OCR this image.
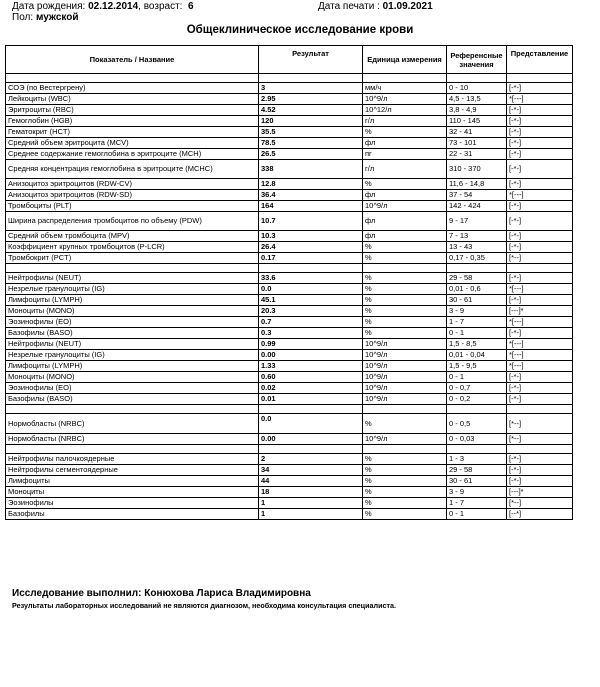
Дата рождения: 02.12.2014, возраст: 6	Дата печати : 01.09.2021
Пол: мужской
Общеклиническое исследование крови
Показатель / Название	Результат	Единица измерения	Референсные значения	Представление

СОЭ (по Вестергрену)	3	мм/ч	0 - 10	[-*-]
Лейкоциты (WBC)	2.95	10^9/л	4,5 - 13,5	*[---]
Эритроциты (RBC)	4.52	10^12/л	3,8 - 4,9	[-*-]
Гемоглобин (HGB)	120	г/л	110 - 145	[-*-]
Гематокрит (HCT)	35.5	%	32 - 41	[-*-]
Средний объем эритроцита (MCV)	78.5	фл	73 - 101	[-*-]
Среднее содержание гемоглобина в эритроците (MCH)	26.5	пг	22 - 31	[-*-]
Средняя концентрация гемоглобина в эритроците (MCHC)	338	г/л	310 - 370	[-*-]
Анизоцитоз эритроцитов (RDW-CV)	12.8	%	11,6 - 14,8	[-*-]
Анизоцитоз эритроцитов (RDW-SD)	36.4	фл	37 - 54	*[---]
Тромбоциты (PLT)	164	10^9/л	142 - 424	[-*-]
Ширина распределения тромбоцитов по объему (PDW)	10.7	фл	9 - 17	[-*-]
Средний объем тромбоцита (MPV)	10.3	фл	7 - 13	[-*-]
Коэффициент крупных тромбоцитов (P-LCR)	26.4	%	13 - 43	[-*-]
Тромбокрит (PCT)	0.17	%	0,17 - 0,35	[*--]

Нейтрофилы (NEUT)	33.6	%	29 - 58	[-*-]
Незрелые гранулоциты (IG)	0.0	%	0,01 - 0,6	*[---]
Лимфоциты (LYMPH)	45.1	%	30 - 61	[-*-]
Моноциты (MONO)	20.3	%	3 - 9	[---]*
Эозинофилы (EO)	0.7	%	1 - 7	*[---]
Базофилы (BASO)	0.3	%	0 - 1	[-*-]
Нейтрофилы (NEUT)	0.99	10^9/л	1,5 - 8,5	*[---]
Незрелые гранулоциты (IG)	0.00	10^9/л	0,01 - 0,04	*[---]
Лимфоциты (LYMPH)	1.33	10^9/л	1,5 - 9,5	*[---]
Моноциты (MONO)	0.60	10^9/л	0 - 1	[-*-]
Эозинофилы (EO)	0.02	10^9/л	0 - 0,7	[-*-]
Базофилы (BASO)	0.01	10^9/л	0 - 0,2	[-*-]

Нормобласты (NRBC)	0.0	%	0 - 0,5	[*--]
Нормобласты (NRBC)	0.00	10^9/л	0 - 0,03	[*--]

Нейтрофилы палочкоядерные	2	%	1 - 3	[-*-]
Нейтрофилы сегментоядерные	34	%	29 - 58	[-*-]
Лимфоциты	44	%	30 - 61	[-*-]
Моноциты	18	%	3 - 9	[---]*
Эозинофилы	1	%	1 - 7	[*--]
Базофилы	1	%	0 - 1	[--*]
Исследование выполнил: Конюхова Лариса Владимировна
Результаты лабораторных исследований не являются диагнозом, необходима консультация специалиста.
